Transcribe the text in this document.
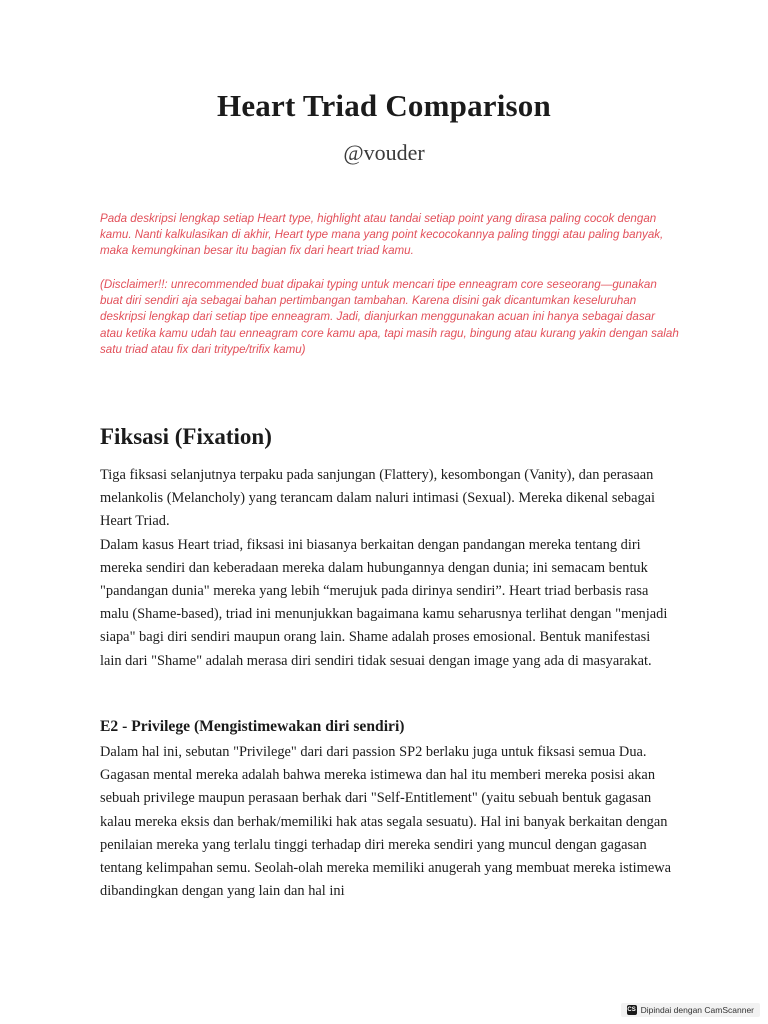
Heart Triad Comparison
@vouder

Pada deskripsi lengkap setiap Heart type, highlight atau tandai setiap point yang dirasa paling cocok dengan kamu. Nanti kalkulasikan di akhir, Heart type mana yang point kecocokannya paling tinggi atau paling banyak, maka kemungkinan besar itu bagian fix dari heart triad kamu.

(Disclaimer!!: unrecommended buat dipakai typing untuk mencari tipe enneagram core seseorang—gunakan buat diri sendiri aja sebagai bahan pertimbangan tambahan. Karena disini gak dicantumkan keseluruhan deskripsi lengkap dari setiap tipe enneagram. Jadi, dianjurkan menggunakan acuan ini hanya sebagai dasar atau ketika kamu udah tau enneagram core kamu apa, tapi masih ragu, bingung atau kurang yakin dengan salah satu triad atau fix dari tritype/trifix kamu)

Fiksasi (Fixation)

Tiga fiksasi selanjutnya terpaku pada sanjungan (Flattery), kesombongan (Vanity), dan perasaan melankolis (Melancholy) yang terancam dalam naluri intimasi (Sexual). Mereka dikenal sebagai Heart Triad.
Dalam kasus Heart triad, fiksasi ini biasanya berkaitan dengan pandangan mereka tentang diri mereka sendiri dan keberadaan mereka dalam hubungannya dengan dunia; ini semacam bentuk "pandangan dunia" mereka yang lebih “merujuk pada dirinya sendiri”. Heart triad berbasis rasa malu (Shame-based), triad ini menunjukkan bagaimana kamu seharusnya terlihat dengan "menjadi siapa" bagi diri sendiri maupun orang lain. Shame adalah proses emosional. Bentuk manifestasi lain dari "Shame" adalah merasa diri sendiri tidak sesuai dengan image yang ada di masyarakat.

E2 - Privilege (Mengistimewakan diri sendiri)

Dalam hal ini, sebutan "Privilege" dari dari passion SP2 berlaku juga untuk fiksasi semua Dua. Gagasan mental mereka adalah bahwa mereka istimewa dan hal itu memberi mereka posisi akan sebuah privilege maupun perasaan berhak dari "Self-Entitlement" (yaitu sebuah bentuk gagasan kalau mereka eksis dan berhak/memiliki hak atas segala sesuatu). Hal ini banyak berkaitan dengan penilaian mereka yang terlalu tinggi terhadap diri mereka sendiri yang muncul dengan gagasan tentang kelimpahan semu. Seolah-olah mereka memiliki anugerah yang membuat mereka istimewa dibandingkan dengan yang lain dan hal ini

CS Dipindai dengan CamScanner
